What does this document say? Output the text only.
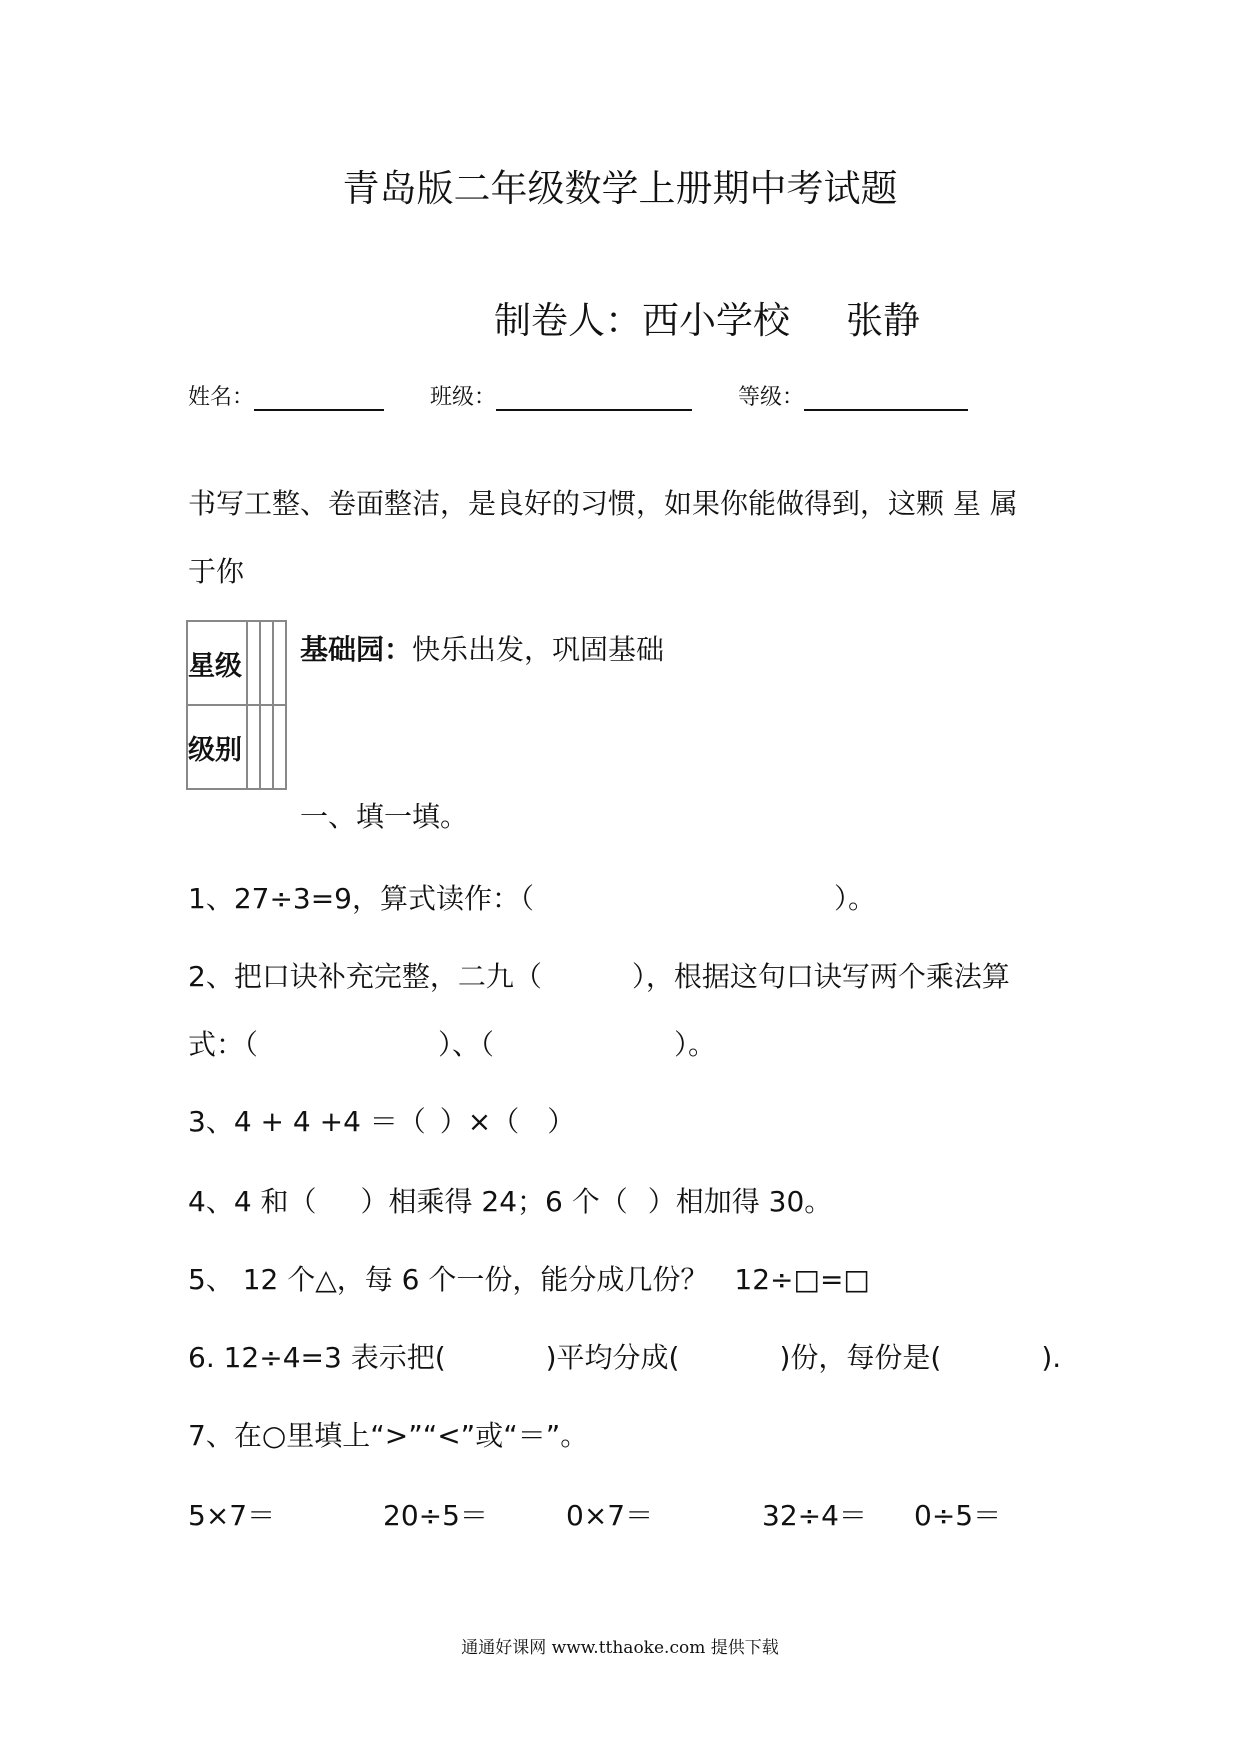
青岛版二年级数学上册期中考试题
制卷人：西小学校 张静
姓名：	班级：	等级：
书写工整、卷面整洁，是良好的习惯，如果你能做得到，这颗 星 属
于你
星级			
级别			
基础园：快乐出发，巩固基础
一、填一填。
1、27÷3=9，算式读作：（	）。
2、把口诀补充完整，二九（	），根据这句口诀写两个乘法算
式：（	）、（	）。
3、4 + 4 +4 ＝（ ）×（ ）
4、4 和（ ）相乘得 24；6 个（ ）相加得 30。
5、 12 个△，每 6 个一份，能分成几份？ 12÷□=□
6. 12÷4=3 表示把(	)平均分成(	)份，每份是(	).
7、在○里填上“>”“<”或“＝”。
5×7＝	20÷5＝	0×7＝	32÷4＝ 0÷5＝
通通好课网 www.tthaoke.com 提供下载
